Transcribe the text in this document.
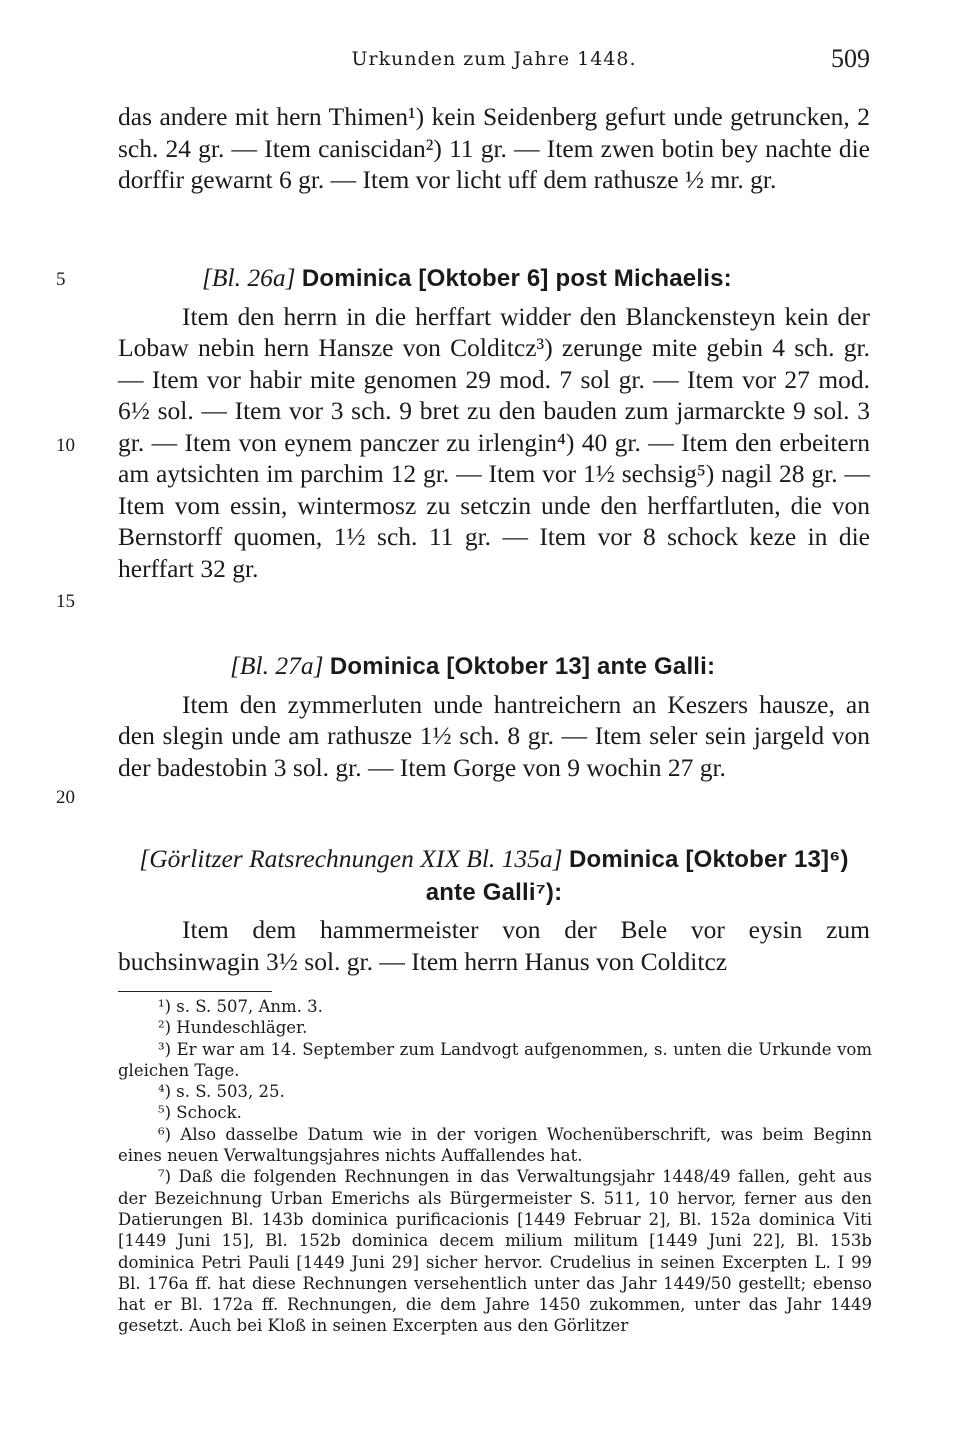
Urkunden zum Jahre 1448.	509

das andere mit hern Thimen¹) kein Seidenberg gefurt unde getruncken, 2 sch. 24 gr. — Item caniscidan²) 11 gr. — Item zwen botin bey nachte die dorffir gewarnt 6 gr. — Item vor licht uff dem rathusze ½ mr. gr.

5
10
15
[Bl. 26a] Dominica [Oktober 6] post Michaelis:

Item den herrn in die herffart widder den Blanckensteyn kein der Lobaw nebin hern Hansze von Colditcz³) zerunge mite gebin 4 sch. gr. — Item vor habir mite genomen 29 mod. 7 sol gr. — Item vor 27 mod. 6½ sol. — Item vor 3 sch. 9 bret zu den bauden zum jarmarckte 9 sol. 3 gr. — Item von eynem panczer zu irlengin⁴) 40 gr. — Item den erbeitern am aytsichten im parchim 12 gr. — Item vor 1½ sechsig⁵) nagil 28 gr. — Item vom essin, wintermosz zu setczin unde den herffartluten, die von Bernstorff quomen, 1½ sch. 11 gr. — Item vor 8 schock keze in die herffart 32 gr.

20
[Bl. 27a] Dominica [Oktober 13] ante Galli:

Item den zymmerluten unde hantreichern an Keszers hausze, an den slegin unde am rathusze 1½ sch. 8 gr. — Item seler sein jargeld von der badestobin 3 sol. gr. — Item Gorge von 9 wochin 27 gr.

[Görlitzer Ratsrechnungen XIX Bl. 135a] Dominica [Oktober 13]⁶)
ante Galli⁷):

Item dem hammermeister von der Bele vor eysin zum buchsinwagin 3½ sol. gr. — Item herrn Hanus von Colditcz

¹) s. S. 507, Anm. 3.

²) Hundeschläger.

³) Er war am 14. September zum Landvogt aufgenommen, s. unten die Urkunde vom gleichen Tage.

⁴) s. S. 503, 25.

⁵) Schock.

⁶) Also dasselbe Datum wie in der vorigen Wochenüberschrift, was beim Beginn eines neuen Verwaltungsjahres nichts Auffallendes hat.

⁷) Daß die folgenden Rechnungen in das Verwaltungsjahr 1448/49 fallen, geht aus der Bezeichnung Urban Emerichs als Bürgermeister S. 511, 10 hervor, ferner aus den Datierungen Bl. 143b dominica purificacionis [1449 Februar 2], Bl. 152a dominica Viti [1449 Juni 15], Bl. 152b dominica decem milium militum [1449 Juni 22], Bl. 153b dominica Petri Pauli [1449 Juni 29] sicher hervor. Crudelius in seinen Excerpten L. I 99 Bl. 176a ff. hat diese Rechnungen versehentlich unter das Jahr 1449/50 gestellt; ebenso hat er Bl. 172a ff. Rechnungen, die dem Jahre 1450 zukommen, unter das Jahr 1449 gesetzt. Auch bei Kloß in seinen Excerpten aus den Görlitzer
